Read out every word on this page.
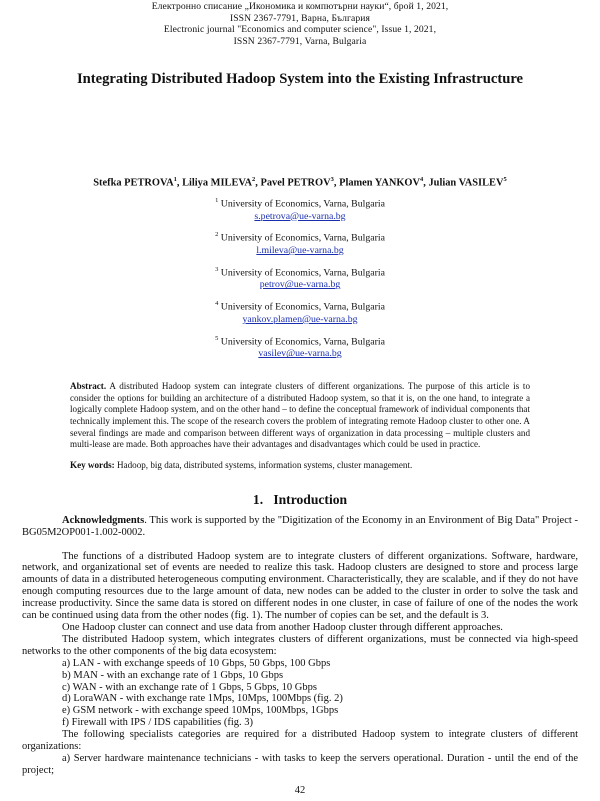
Електронно списание „Икономика и компютърни науки“, брой 1, 2021,
ISSN 2367-7791, Варна, България
Electronic journal "Economics and computer science", Issue 1, 2021,
ISSN 2367-7791, Varna, Bulgaria
Integrating Distributed Hadoop System into the Existing Infrastructure
Stefka PETROVA$^1$, Liliya MILEVA$^2$, Pavel PETROV$^3$, Plamen YANKOV$^4$, Julian VASILEV$^5$
$^1$ University of Economics, Varna, Bulgaria
s.petrova@ue-varna.bg
$^2$ University of Economics, Varna, Bulgaria
l.mileva@ue-varna.bg
$^3$ University of Economics, Varna, Bulgaria
petrov@ue-varna.bg
$^4$ University of Economics, Varna, Bulgaria
yankov.plamen@ue-varna.bg
$^5$ University of Economics, Varna, Bulgaria
vasilev@ue-varna.bg
Abstract. A distributed Hadoop system can integrate clusters of different organizations. The purpose of this article is to consider the options for building an architecture of a distributed Hadoop system, so that it is, on the one hand, to integrate a logically complete Hadoop system, and on the other hand – to define the conceptual framework of individual components that technically implement this. The scope of the research covers the problem of integrating remote Hadoop cluster to other one. A several findings are made and comparison between different ways of organization in data processing – multiple clusters and multi-lease are made. Both approaches have their advantages and disadvantages which could be used in practice.
Key words: Hadoop, big data, distributed systems, information systems, cluster management.
1. Introduction

Acknowledgments. This work is supported by the "Digitization of the Economy in an Environment of Big Data" Project - BG05M2OP001-1.002-0002.

The functions of a distributed Hadoop system are to integrate clusters of different organizations. Software, hardware, network, and organizational set of events are needed to realize this task. Hadoop clusters are designed to store and process large amounts of data in a distributed heterogeneous computing environment. Characteristically, they are scalable, and if they do not have enough computing resources due to the large amount of data, new nodes can be added to the cluster in order to solve the task and increase productivity. Since the same data is stored on different nodes in one cluster, in case of failure of one of the nodes the work can be continued using data from the other nodes (fig. 1). The number of copies can be set, and the default is 3.

One Hadoop cluster can connect and use data from another Hadoop cluster through different approaches.

The distributed Hadoop system, which integrates clusters of different organizations, must be connected via high-speed networks to the other components of the big data ecosystem:

a) LAN - with exchange speeds of 10 Gbps, 50 Gbps, 100 Gbps

b) MAN - with an exchange rate of 1 Gbps, 10 Gbps

c) WAN - with an exchange rate of 1 Gbps, 5 Gbps, 10 Gbps

d) LoraWAN - with exchange rate 1Mps, 10Mps, 100Mbps (fig. 2)

e) GSM network - with exchange speed 10Mps, 100Mbps, 1Gbps

f) Firewall with IPS / IDS capabilities (fig. 3)

The following specialists categories are required for a distributed Hadoop system to integrate clusters of different organizations:

a) Server hardware maintenance technicians - with tasks to keep the servers operational. Duration - until the end of the project;

42
